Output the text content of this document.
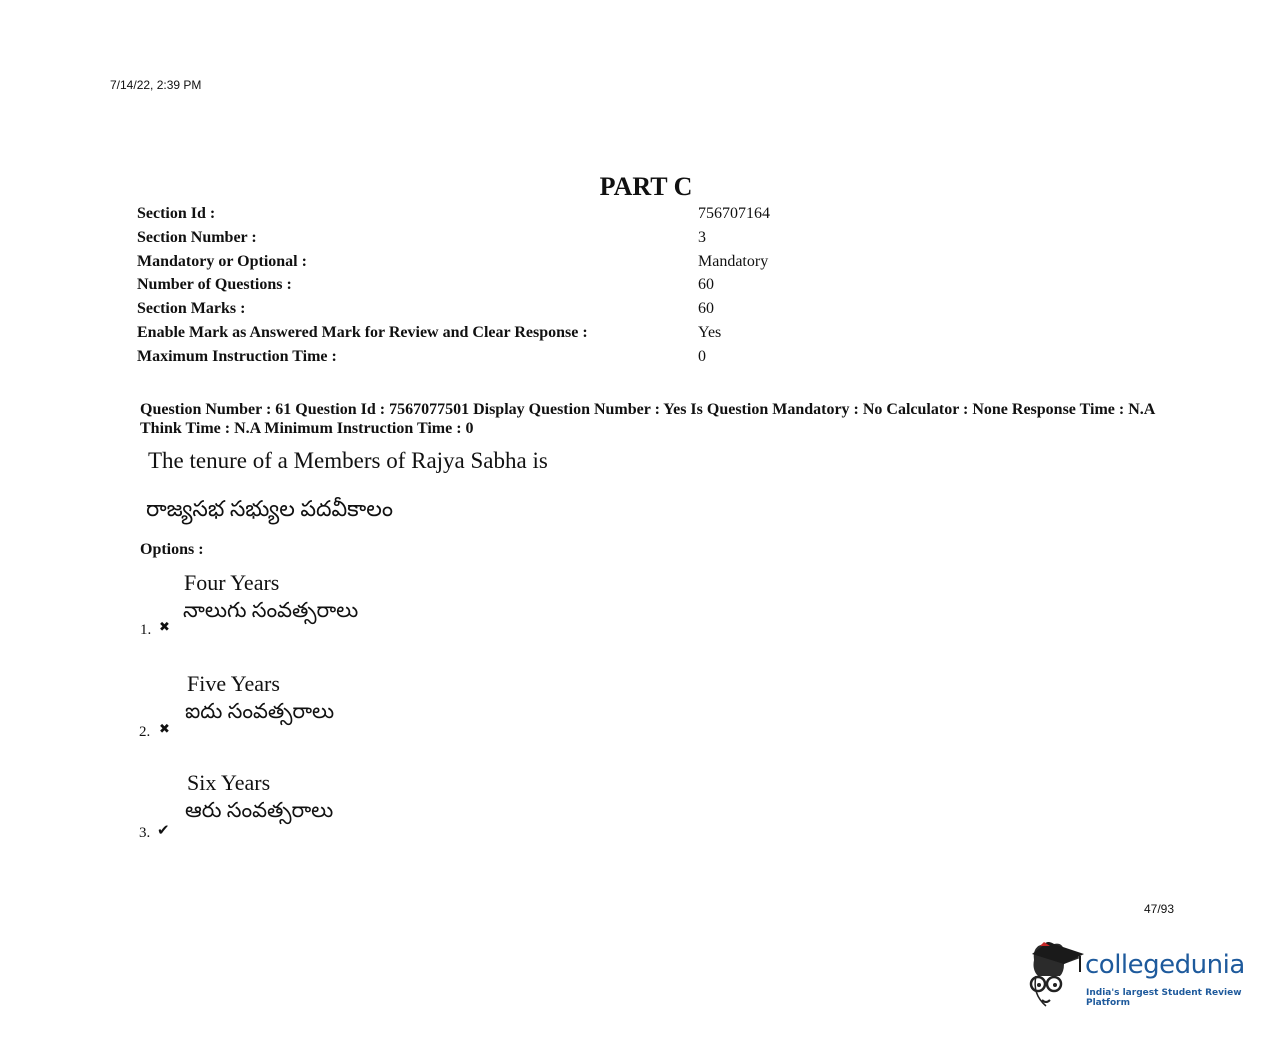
7/14/22, 2:39 PM
PART C
Section Id :	756707164
Section Number :	3
Mandatory or Optional :	Mandatory
Number of Questions :	60
Section Marks :	60
Enable Mark as Answered Mark for Review and Clear Response :	Yes
Maximum Instruction Time :	0
Question Number : 61 Question Id : 7567077501 Display Question Number : Yes Is Question Mandatory : No Calculator : None Response Time : N.A Think Time : N.A Minimum Instruction Time : 0
The tenure of a Members of Rajya Sabha is
రాజ్యసభ సభ్యుల పదవీకాలం
Options :
Four Years
నాలుగు సంవత్సరాలు
1. ✖
Five Years
ఐదు సంవత్సరాలు
2. ✖
Six Years
ఆరు సంవత్సరాలు
3. ✔
47/93
collegedunia
India's largest Student Review Platform
